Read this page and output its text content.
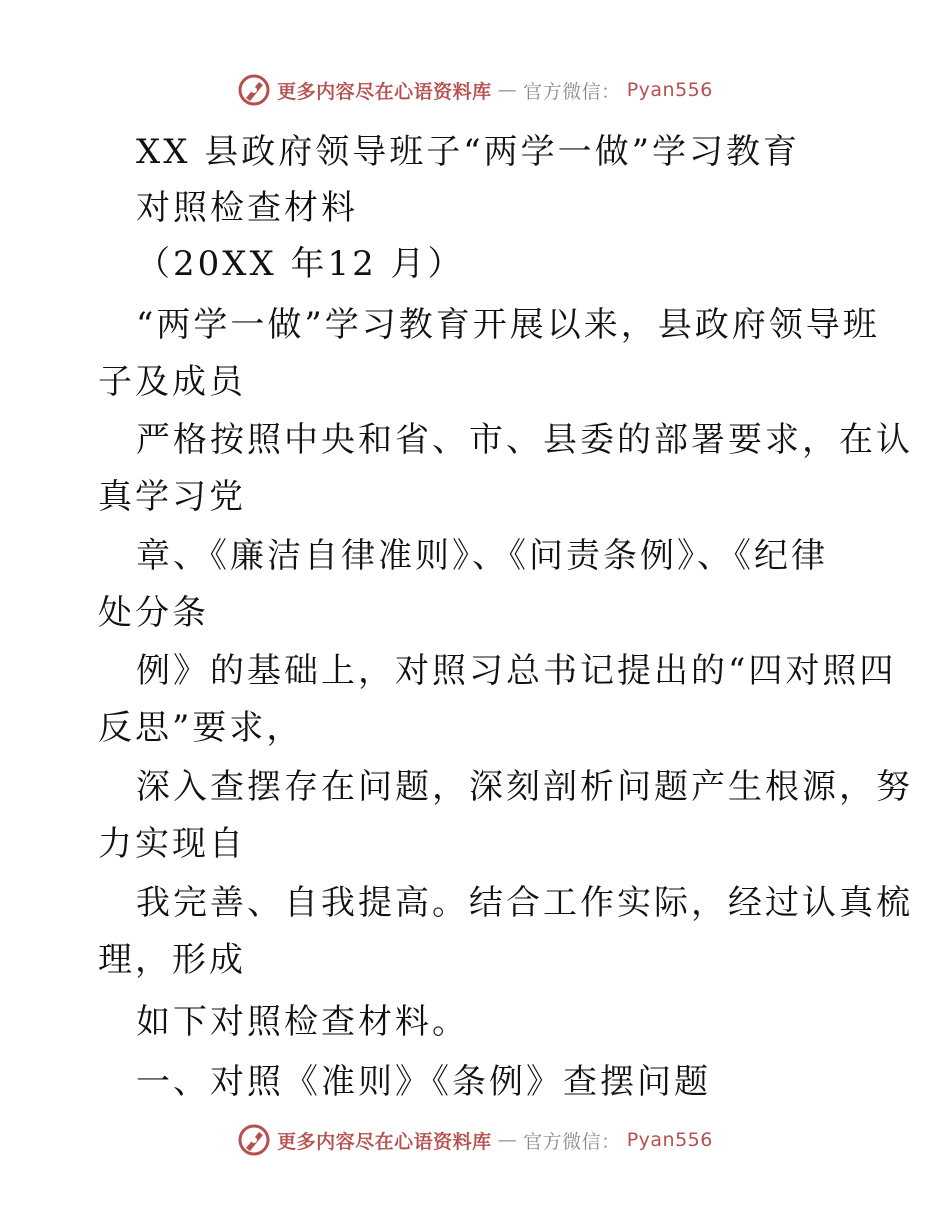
更多内容尽在心语资料库 — 官方微信： Pyan556
XX 县政府领导班子“两学一做”学习教育
对照检查材料
（20XX 年12 月）
“两学一做”学习教育开展以来，县政府领导班
子及成员
严格按照中央和省、市、县委的部署要求，在认
真学习党
章、《廉洁自律准则》、《问责条例》、《纪律
处分条
例》的基础上，对照习总书记提出的“四对照四
反思”要求，
深入查摆存在问题，深刻剖析问题产生根源，努
力实现自
我完善、自我提高。结合工作实际，经过认真梳
理，形成
如下对照检查材料。
一、对照《准则》《条例》查摆问题
更多内容尽在心语资料库 — 官方微信： Pyan556
